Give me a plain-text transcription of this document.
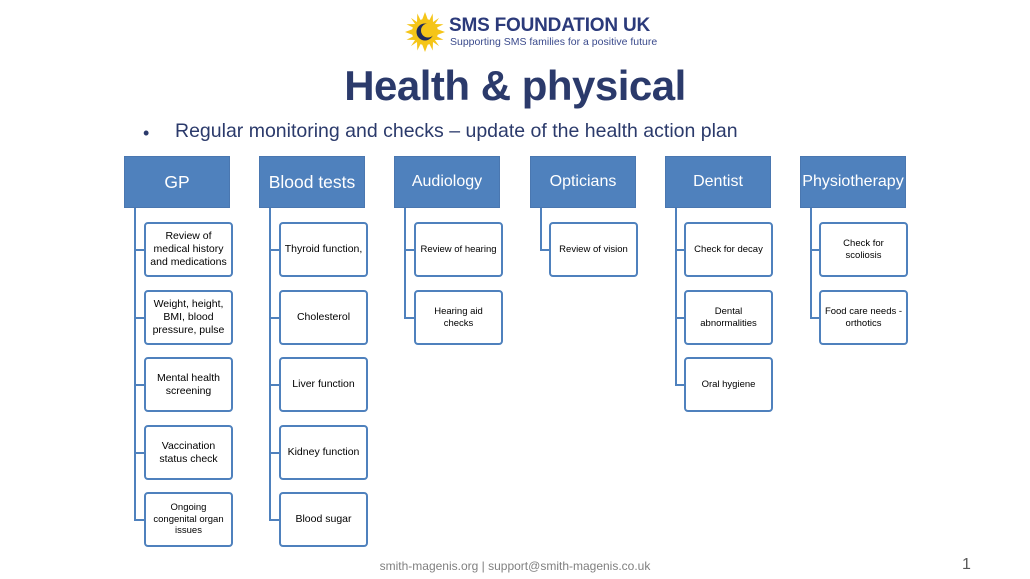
SMS FOUNDATION UK
Supporting SMS families for a positive future
Health & physical
• Regular monitoring and checks – update of the health action plan
GP
Review of medical history and medications
Weight, height, BMI, blood pressure, pulse
Mental health screening
Vaccination status check
Ongoing congenital organ issues
Blood tests
Thyroid function,
Cholesterol
Liver function
Kidney function
Blood sugar
Audiology
Review of hearing
Hearing aid checks
Opticians
Review of vision
Dentist
Check for decay
Dental abnormalities
Oral hygiene
Physiotherapy
Check for scoliosis
Food care needs - orthotics
smith-magenis.org | support@smith-magenis.co.uk	1
